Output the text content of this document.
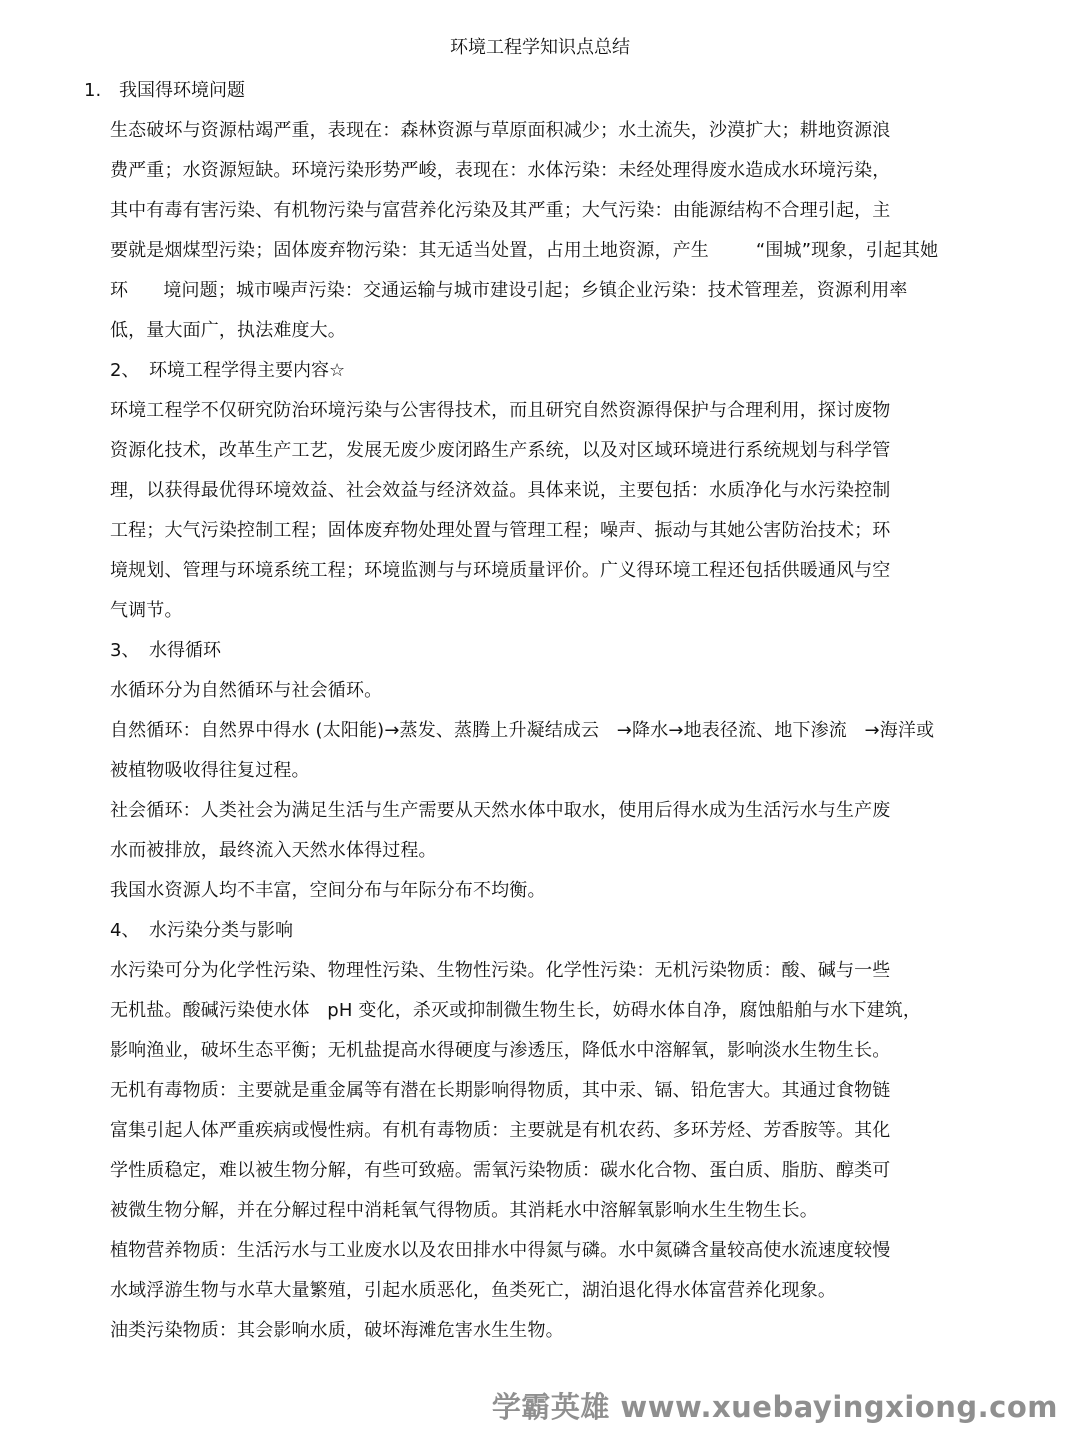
环境工程学知识点总结
1. 我国得环境问题
生态破坏与资源枯竭严重，表现在：森林资源与草原面积减少；水土流失，沙漠扩大；耕地资源浪
费严重；水资源短缺。环境污染形势严峻，表现在：水体污染：未经处理得废水造成水环境污染，
其中有毒有害污染、有机物污染与富营养化污染及其严重；大气污染：由能源结构不合理引起，主
要就是烟煤型污染；固体废弃物污染：其无适当处置，占用土地资源，产生        “围城”现象，引起其她
环      境问题；城市噪声污染：交通运输与城市建设引起；乡镇企业污染：技术管理差，资源利用率
低，量大面广，执法难度大。
2、 环境工程学得主要内容☆
环境工程学不仅研究防治环境污染与公害得技术，而且研究自然资源得保护与合理利用，探讨废物
资源化技术，改革生产工艺，发展无废少废闭路生产系统，以及对区域环境进行系统规划与科学管
理，以获得最优得环境效益、社会效益与经济效益。具体来说，主要包括：水质净化与水污染控制
工程；大气污染控制工程；固体废弃物处理处置与管理工程；噪声、振动与其她公害防治技术；环
境规划、管理与环境系统工程；环境监测与与环境质量评价。广义得环境工程还包括供暖通风与空
气调节。
3、 水得循环
水循环分为自然循环与社会循环。
自然循环：自然界中得水 (太阳能)→蒸发、蒸腾上升凝结成云   →降水→地表径流、地下渗流   →海洋或
被植物吸收得往复过程。
社会循环：人类社会为满足生活与生产需要从天然水体中取水，使用后得水成为生活污水与生产废
水而被排放，最终流入天然水体得过程。
我国水资源人均不丰富，空间分布与年际分布不均衡。
4、 水污染分类与影响
水污染可分为化学性污染、物理性污染、生物性污染。化学性污染：无机污染物质：酸、碱与一些
无机盐。酸碱污染使水体   pH 变化，杀灭或抑制微生物生长，妨碍水体自净，腐蚀船舶与水下建筑，
影响渔业，破坏生态平衡；无机盐提高水得硬度与渗透压，降低水中溶解氧，影响淡水生物生长。
无机有毒物质：主要就是重金属等有潜在长期影响得物质，其中汞、镉、铅危害大。其通过食物链
富集引起人体严重疾病或慢性病。有机有毒物质：主要就是有机农药、多环芳烃、芳香胺等。其化
学性质稳定，难以被生物分解，有些可致癌。需氧污染物质：碳水化合物、蛋白质、脂肪、醇类可
被微生物分解，并在分解过程中消耗氧气得物质。其消耗水中溶解氧影响水生生物生长。
植物营养物质：生活污水与工业废水以及农田排水中得氮与磷。水中氮磷含量较高使水流速度较慢
水域浮游生物与水草大量繁殖，引起水质恶化，鱼类死亡，湖泊退化得水体富营养化现象。
油类污染物质：其会影响水质，破坏海滩危害水生生物。
学霸英雄 www.xuebayingxiong.com
